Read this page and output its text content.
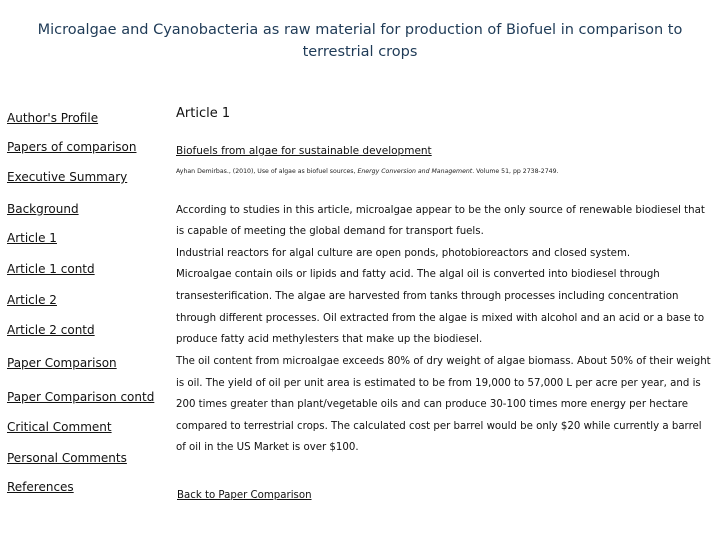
Microalgae and Cyanobacteria as raw material for production of Biofuel in comparison to terrestrial crops
Author's Profile
Papers of comparison
Executive Summary
Background
Article 1
Article 1 contd
Article 2
Article 2 contd
Paper Comparison
Paper Comparison contd
Critical Comment
Personal Comments
References
Article 1
Biofuels from algae for sustainable development
Ayhan Demirbas., (2010), Use of algae as biofuel sources, Energy Conversion and Management. Volume 51, pp 2738-2749.
According to studies in this article, microalgae appear to be the only source of renewable biodiesel that
is capable of meeting the global demand for transport fuels.
Industrial reactors for algal culture are open ponds, photobioreactors and closed system.
Microalgae contain oils or lipids and fatty acid. The algal oil is converted into biodiesel through
transesterification. The algae are harvested from tanks through processes including concentration
through different processes. Oil extracted from the algae is mixed with alcohol and an acid or a base to
produce fatty acid methylesters that make up the biodiesel.
The oil content from microalgae exceeds 80% of dry weight of algae biomass. About 50% of their weight
is oil. The yield of oil per unit area is estimated to be from 19,000 to 57,000 L per acre per year, and is
200 times greater than plant/vegetable oils and can produce 30-100 times more energy per hectare
compared to terrestrial crops. The calculated cost per barrel would be only $20 while currently a barrel
of oil in the US Market is over $100.
Back to Paper Comparison
